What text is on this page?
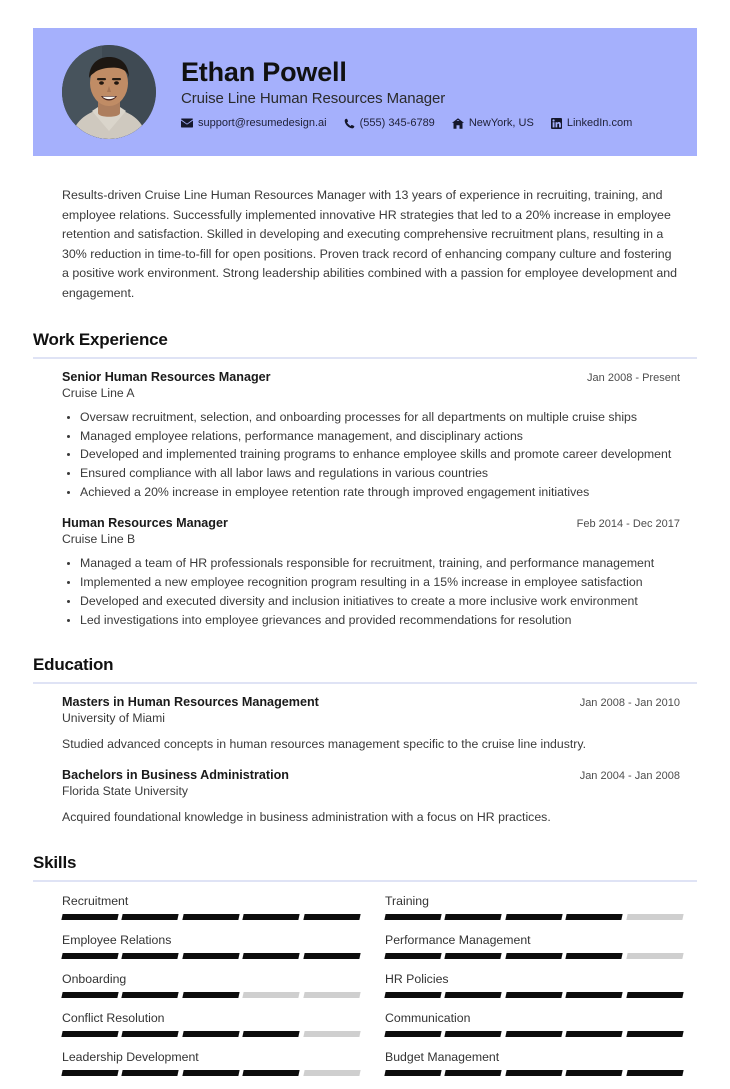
Ethan Powell
Cruise Line Human Resources Manager
support@resumedesign.ai	(555) 345-6789	NewYork, US	LinkedIn.com

Results-driven Cruise Line Human Resources Manager with 13 years of experience in recruiting, training, and employee relations. Successfully implemented innovative HR strategies that led to a 20% increase in employee retention and satisfaction. Skilled in developing and executing comprehensive recruitment plans, resulting in a 30% reduction in time-to-fill for open positions. Proven track record of enhancing company culture and fostering a positive work environment. Strong leadership abilities combined with a passion for employee development and engagement.

Work Experience
Senior Human Resources Manager	Jan 2008 - Present
Cruise Line A
Oversaw recruitment, selection, and onboarding processes for all departments on multiple cruise ships
Managed employee relations, performance management, and disciplinary actions
Developed and implemented training programs to enhance employee skills and promote career development
Ensured compliance with all labor laws and regulations in various countries
Achieved a 20% increase in employee retention rate through improved engagement initiatives
Human Resources Manager	Feb 2014 - Dec 2017
Cruise Line B
Managed a team of HR professionals responsible for recruitment, training, and performance management
Implemented a new employee recognition program resulting in a 15% increase in employee satisfaction
Developed and executed diversity and inclusion initiatives to create a more inclusive work environment
Led investigations into employee grievances and provided recommendations for resolution
Education
Masters in Human Resources Management	Jan 2008 - Jan 2010
University of Miami
Studied advanced concepts in human resources management specific to the cruise line industry.
Bachelors in Business Administration	Jan 2004 - Jan 2008
Florida State University
Acquired foundational knowledge in business administration with a focus on HR practices.
Skills
Recruitment	Training
Employee Relations	Performance Management
Onboarding	HR Policies
Conflict Resolution	Communication
Leadership Development	Budget Management
